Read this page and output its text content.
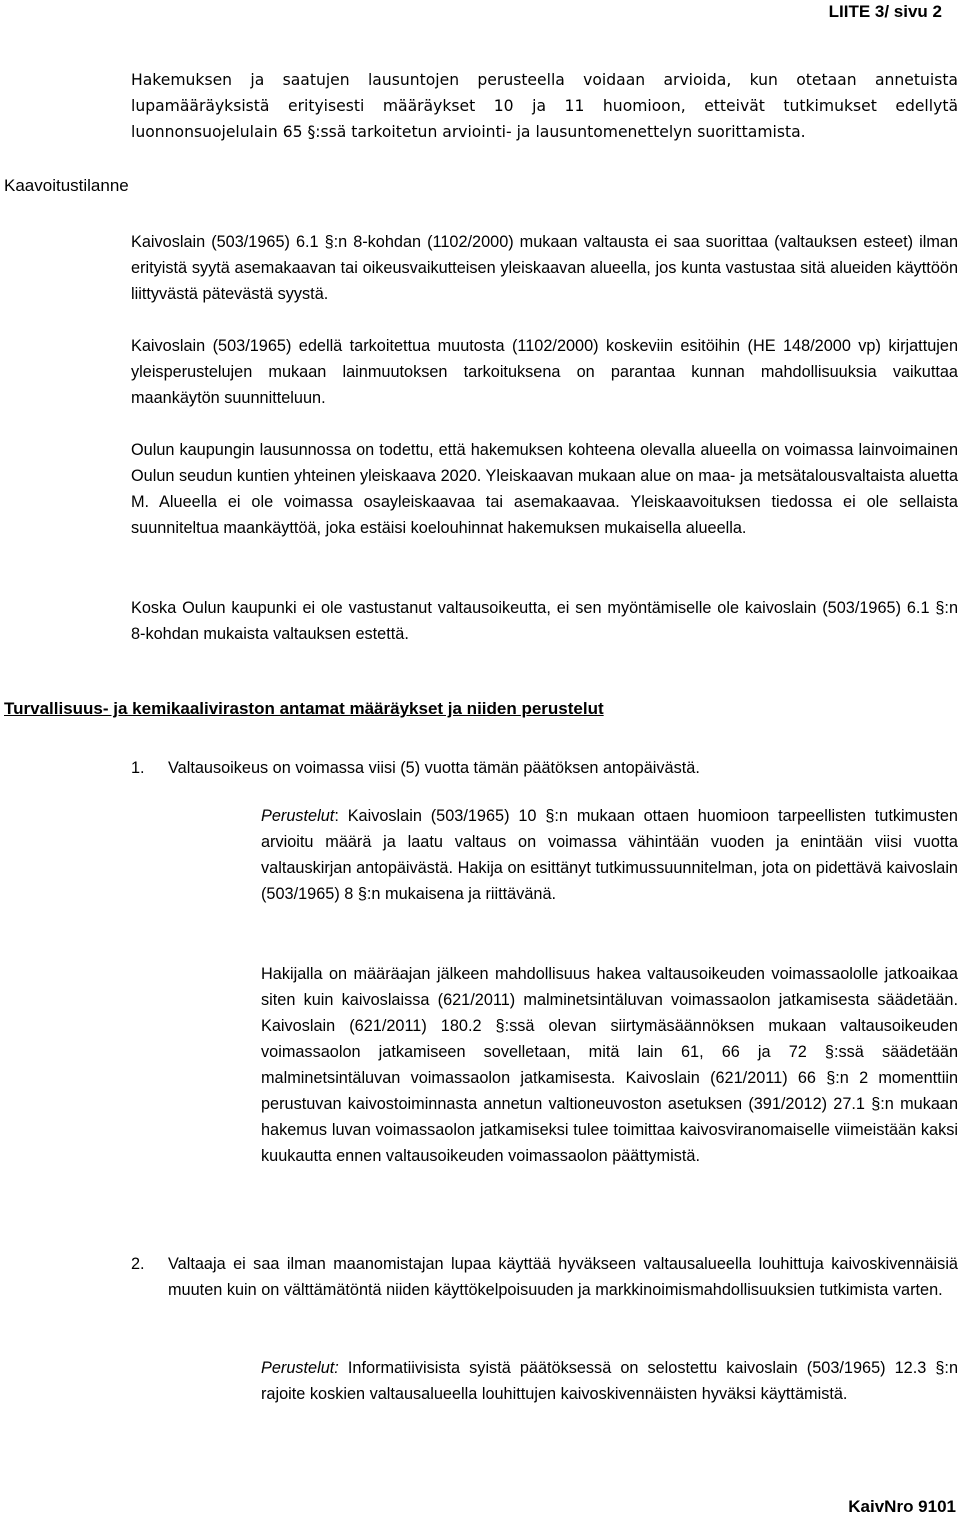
LIITE 3/ sivu 2
Kaavoitustilanne

Hakemuksen ja saatujen lausuntojen perusteella voidaan arvioida, kun otetaan annetuista lupamääräyksistä erityisesti määräykset 10 ja 11 huomioon, etteivät tutkimukset edellytä luonnonsuojelulain 65 §:ssä tarkoitetun arviointi- ja lausuntomenettelyn suorittamista.

Kaivoslain (503/1965) 6.1 §:n 8-kohdan (1102/2000) mukaan valtausta ei saa suorittaa (valtauksen esteet) ilman erityistä syytä asemakaavan tai oikeusvaikutteisen yleiskaavan alueella, jos kunta vastustaa sitä alueiden käyttöön liittyvästä pätevästä syystä.

Kaivoslain (503/1965) edellä tarkoitettua muutosta (1102/2000) koskeviin esitöihin (HE 148/2000 vp) kirjattujen yleisperustelujen mukaan lainmuutoksen tarkoituksena on parantaa kunnan mahdollisuuksia vaikuttaa maankäytön suunnitteluun.

Oulun kaupungin lausunnossa on todettu, että hakemuksen kohteena olevalla alueella on voimassa lainvoimainen Oulun seudun kuntien yhteinen yleiskaava 2020. Yleiskaavan mukaan alue on maa- ja metsätalousvaltaista aluetta M. Alueella ei ole voimassa osayleiskaavaa tai asemakaavaa. Yleiskaavoituksen tiedossa ei ole sellaista suunniteltua maankäyttöä, joka estäisi koelouhinnat hakemuksen mukaisella alueella.

Koska Oulun kaupunki ei ole vastustanut valtausoikeutta, ei sen myöntämiselle ole kaivoslain (503/1965) 6.1 §:n 8-kohdan mukaista valtauksen estettä.

Turvallisuus- ja kemikaaliviraston antamat määräykset ja niiden perustelut
1. Valtausoikeus on voimassa viisi (5) vuotta tämän päätöksen antopäivästä.

Perustelut: Kaivoslain (503/1965) 10 §:n mukaan ottaen huomioon tarpeellisten tutkimusten arvioitu määrä ja laatu valtaus on voimassa vähintään vuoden ja enintään viisi vuotta valtauskirjan antopäivästä. Hakija on esittänyt tutkimussuunnitelman, jota on pidettävä kaivoslain (503/1965) 8 §:n mukaisena ja riittävänä.

Hakijalla on määräajan jälkeen mahdollisuus hakea valtausoikeuden voimassaololle jatkoaikaa siten kuin kaivoslaissa (621/2011) malminetsintäluvan voimassaolon jatkamisesta säädetään. Kaivoslain (621/2011) 180.2 §:ssä olevan siirtymäsäännöksen mukaan valtausoikeuden voimassaolon jatkamiseen sovelletaan, mitä lain 61, 66 ja 72 §:ssä säädetään malminetsintäluvan voimassaolon jatkamisesta. Kaivoslain (621/2011) 66 §:n 2 momenttiin perustuvan kaivostoiminnasta annetun valtioneuvoston asetuksen (391/2012) 27.1 §:n mukaan hakemus luvan voimassaolon jatkamiseksi tulee toimittaa kaivosviranomaiselle viimeistään kaksi kuukautta ennen valtausoikeuden voimassaolon päättymistä.

2. Valtaaja ei saa ilman maanomistajan lupaa käyttää hyväkseen valtausalueella louhittuja kaivoskivennäisiä muuten kuin on välttämätöntä niiden käyttökelpoisuuden ja markkinoimismahdollisuuksien tutkimista varten.

Perustelut: Informatiivisista syistä päätöksessä on selostettu kaivoslain (503/1965) 12.3 §:n rajoite koskien valtausalueella louhittujen kaivoskivennäisten hyväksi käyttämistä.

KaivNro 9101
